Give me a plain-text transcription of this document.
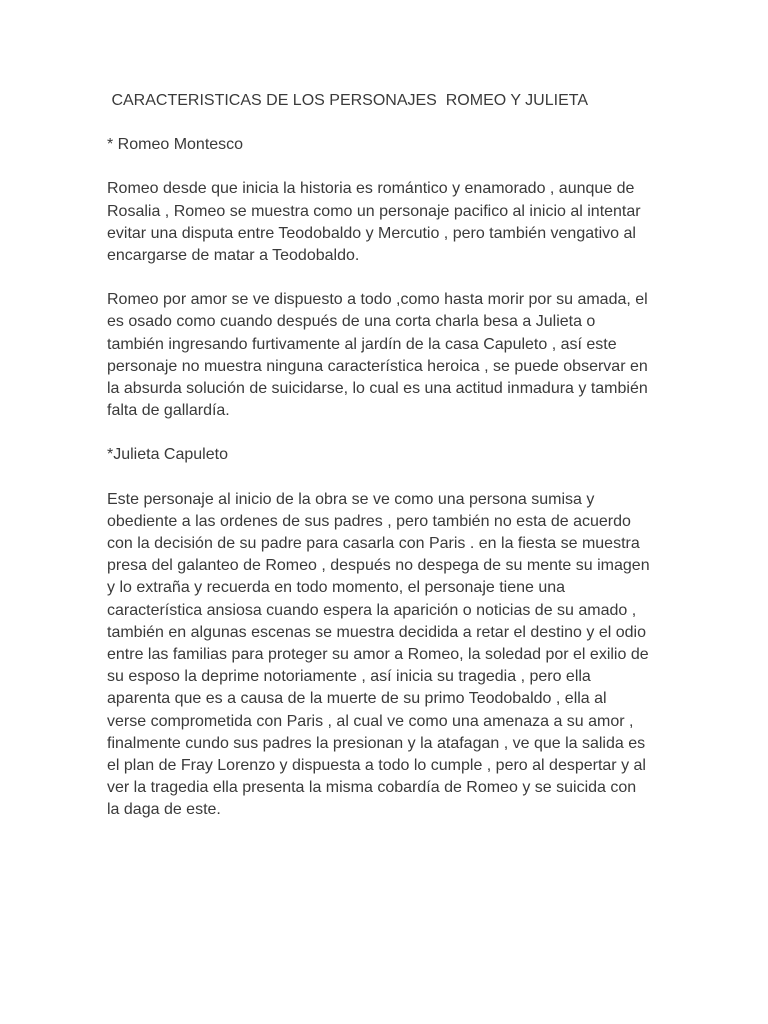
CARACTERISTICAS DE LOS PERSONAJES  ROMEO Y JULIETA
* Romeo Montesco
Romeo desde que inicia la historia es romántico y enamorado , aunque de
Rosalia , Romeo se muestra como un personaje pacifico al inicio al intentar
evitar una disputa entre Teodobaldo y Mercutio , pero también vengativo al
encargarse de matar a Teodobaldo.
Romeo por amor se ve dispuesto a todo ,como hasta morir por su amada, el
es osado como cuando después de una corta charla besa a Julieta o
también ingresando furtivamente al jardín de la casa Capuleto , así este
personaje no muestra ninguna característica heroica , se puede observar en
la absurda solución de suicidarse, lo cual es una actitud inmadura y también
falta de gallardía.
*Julieta Capuleto
Este personaje al inicio de la obra se ve como una persona sumisa y
obediente a las ordenes de sus padres , pero también no esta de acuerdo
con la decisión de su padre para casarla con Paris . en la fiesta se muestra
presa del galanteo de Romeo , después no despega de su mente su imagen
y lo extraña y recuerda en todo momento, el personaje tiene una
característica ansiosa cuando espera la aparición o noticias de su amado ,
también en algunas escenas se muestra decidida a retar el destino y el odio
entre las familias para proteger su amor a Romeo, la soledad por el exilio de
su esposo la deprime notoriamente , así inicia su tragedia , pero ella
aparenta que es a causa de la muerte de su primo Teodobaldo , ella al
verse comprometida con Paris , al cual ve como una amenaza a su amor ,
finalmente cundo sus padres la presionan y la atafagan , ve que la salida es
el plan de Fray Lorenzo y dispuesta a todo lo cumple , pero al despertar y al
ver la tragedia ella presenta la misma cobardía de Romeo y se suicida con
la daga de este.
